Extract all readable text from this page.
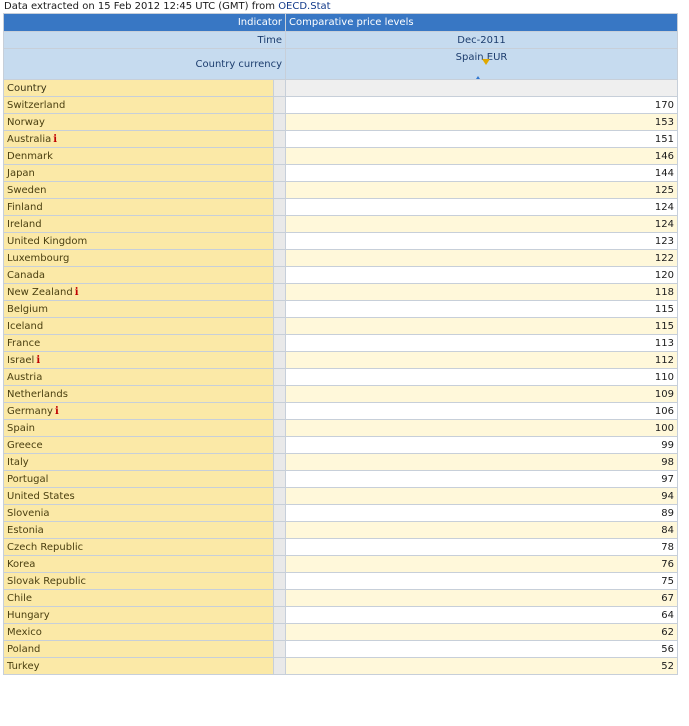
Data extracted on 15 Feb 2012 12:45 UTC (GMT) from OECD.Stat
Indicator		Comparative price levels
Time		Dec-2011
Country currency		Spain EUR

Country		
Switzerland		170
Norway		153
Australia i		151
Denmark		146
Japan		144
Sweden		125
Finland		124
Ireland		124
United Kingdom		123
Luxembourg		122
Canada		120
New Zealand i		118
Belgium		115
Iceland		115
France		113
Israel i		112
Austria		110
Netherlands		109
Germany i		106
Spain		100
Greece		99
Italy		98
Portugal		97
United States		94
Slovenia		89
Estonia		84
Czech Republic		78
Korea		76
Slovak Republic		75
Chile		67
Hungary		64
Mexico		62
Poland		56
Turkey		52
